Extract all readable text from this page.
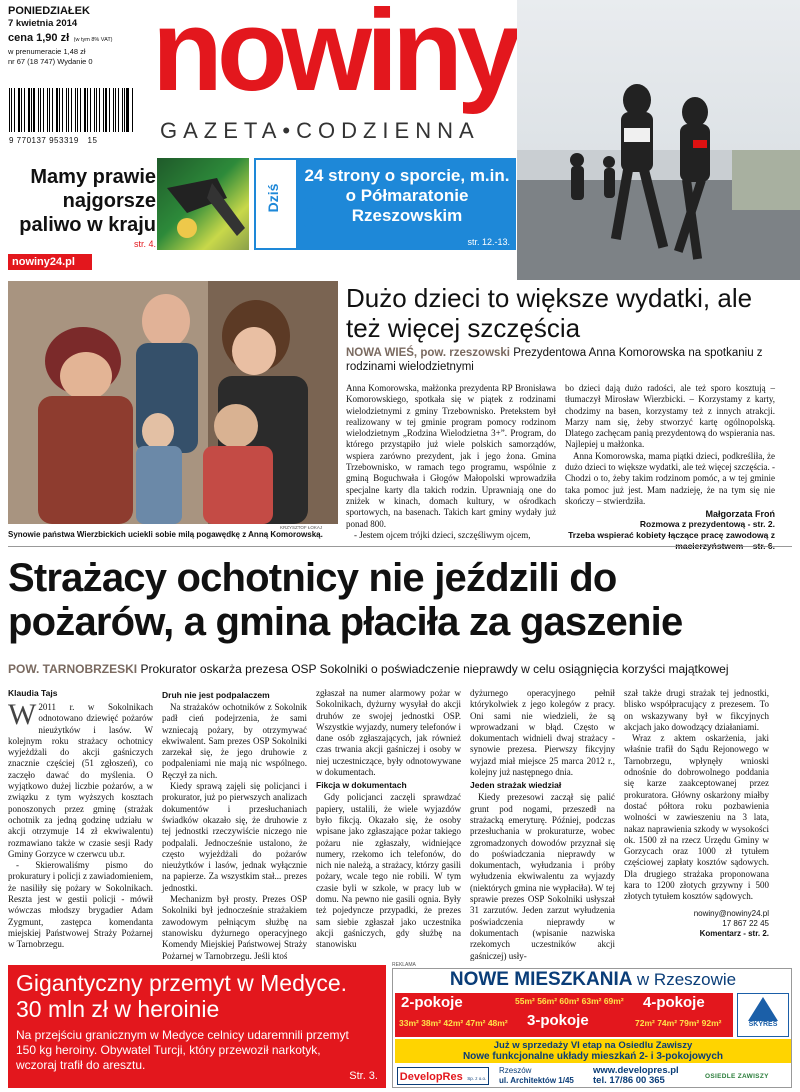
PONIEDZIAŁEK
7 kwietnia 2014
cena 1,90 zł (w tym 8% VAT)
w prenumeracie 1,48 zł
nr 67 (18 747) Wydanie 0
9 770137 953319 15
nowiny
GAZETA•CODZIENNA
Mamy prawie najgorsze paliwo w kraju
str. 4.
Dziś STADION
24 strony o sporcie, m.in. o Półmaratonie Rzeszowskim
str. 12.-13.
nowiny24.pl
KRZYSZTOF ŁOKAJ
Synowie państwa Wierzbickich uciekli sobie milą pogawędkę z Anną Komorowską.
Dużo dzieci to większe wydatki, ale też więcej szczęścia
NOWA WIEŚ, pow. rzeszowski Prezydentowa Anna Komorowska na spotkaniu z rodzinami wielodzietnymi

Anna Komorowska, małżonka prezydenta RP Bronisława Komorowskiego, spotkała się w piątek z rodzinami wielodzietnymi z gminy Trzebownisko. Pretekstem był realizowany w tej gminie program pomocy rodzinom wielodzietnym „Rodzina Wielodzietna 3+”. Program, do którego przystąpiło już wiele polskich samorządów, wspiera zarówno prezydent, jak i jego żona. Gmina Trzebownisko, w ramach tego programu, wspólnie z gminą Boguchwała i Głogów Małopolski wprowadziła specjalne karty dla takich rodzin. Uprawniają one do zniżek w kinach, domach kultury, w ośrodkach sportowych, na basenach. Takich kart gminy wydały już ponad 800.

- Jestem ojcem trójki dzieci, szczęśliwym ojcem,

bo dzieci dają dużo radości, ale też sporo kosztują – tłumaczył Mirosław Wierzbicki. – Korzystamy z karty, chodzimy na basen, korzystamy też z innych atrakcji. Marzy nam się, żeby stworzyć kartę ogólnopolską. Dlatego zachęcam panią prezydentową do wspierania nas. Najlepiej u małżonka.

Anna Komorowska, mama piątki dzieci, podkreśliła, że dużo dzieci to większe wydatki, ale też więcej szczęścia. - Chodzi o to, żeby takim rodzinom pomóc, a w tej gminie taka pomoc już jest. Mam nadzieję, że na tym się nie skończy – stwierdziła.

Małgorzata Froń
Rozmowa z prezydentową - str. 2.
Trzeba wspierać kobiety łączące pracę zawodową z macierzyństwem – str. 6.
Strażacy ochotnicy nie jeździli do pożarów, a gmina płaciła za gaszenie
POW. TARNOBRZESKI Prokurator oskarża prezesa OSP Sokolniki o poświadczenie nieprawdy w celu osiągnięcia korzyści majątkowej
Klaudia Tajs

W 2011 r. w Sokolnikach odnotowano dziewięć pożarów nieużytków i lasów. W kolejnym roku strażacy ochotnicy wyjeżdżali do akcji gaśniczych znacznie częściej (51 zgłoszeń), co zaczęło dawać do myślenia. O wyjątkowo dużej liczbie pożarów, a w związku z tym wyższych kosztach ponoszonych przez gminę (strażak ochotnik za jedną godzinę udziału w akcji otrzymuje 14 zł ekwiwalentu) rozmawiano także w czasie sesji Rady Gminy Gorzyce w czerwcu ub.r.

- Skierowaliśmy pismo do prokuratury i policji z zawiadomieniem, że nasiliły się pożary w Sokolnikach. Reszta jest w gestii policji - mówił wówczas młodszy brygadier Adam Zygmunt, zastępca komendanta miejskiej Państwowej Straży Pożarnej w Tarnobrzegu.

Druh nie jest podpalaczem

Na strażaków ochotników z Sokolnik padł cień podejrzenia, że sami wzniecają pożary, by otrzymywać ekwiwalent. Sam prezes OSP Sokolniki zarzekał się, że jego druhowie z podpaleniami nie mają nic wspólnego. Ręczył za nich.

Kiedy sprawą zajęli się policjanci i prokurator, już po pierwszych analizach dokumentów i przesłuchaniach świadków okazało się, że druhowie z tej jednostki rzeczywiście niczego nie podpalali. Jednocześnie ustalono, że często wyjeżdżali do pożarów nieużytków i lasów, jednak wyłącznie na papierze. Za wszystkim stał... prezes jednostki.

Mechanizm był prosty. Prezes OSP Sokolniki był jednocześnie strażakiem zawodowym pełniącym służbę na stanowisku dyżurnego operacyjnego Komendy Miejskiej Państwowej Straży Pożarnej w Tarnobrzegu. Jeśli ktoś

zgłaszał na numer alarmowy pożar w Sokolnikach, dyżurny wysyłał do akcji druhów ze swojej jednostki OSP. Wszystkie wyjazdy, numery telefonów i dane osób zgłaszających, jak również czas trwania akcji gaśniczej i osoby w niej uczestniczące, były odnotowywane w dokumentach.

Fikcja w dokumentach

Gdy policjanci zaczęli sprawdzać papiery, ustalili, że wiele wyjazdów było fikcją. Okazało się, że osoby wpisane jako zgłaszające pożar takiego pożaru nie zgłaszały, widniejące numery, rzekomo ich telefonów, do nich nie należą, a strażacy, którzy gasili pożary, wcale tego nie robili. W tym czasie byli w szkole, w pracy lub w domu. Na pewno nie gasili ognia. Były też pojedyncze przypadki, że prezes sam siebie zgłaszał jako uczestnika akcji gaśniczych, gdy służbę na stanowisku

dyżurnego operacyjnego pełnił którykolwiek z jego kolegów z pracy. Oni sami nie wiedzieli, że są wprowadzani w błąd. Często w dokumentach widnieli dwaj strażacy - synowie prezesa. Pierwszy fikcyjny wyjazd miał miejsce 25 marca 2012 r., kolejny już następnego dnia.

Jeden strażak wiedział

Kiedy prezesowi zaczął się palić grunt pod nogami, przeszedł na strażacką emeryturę. Później, podczas przesłuchania w prokuraturze, wobec zgromadzonych dowodów przyznał się do poświadczania nieprawdy w dokumentach, wyłudzania i próby wyłudzenia ekwiwalentu za wyjazdy (niektórych gmina nie wypłaciła). W tej sprawie prezes OSP Sokolniki usłyszał 31 zarzutów. Jeden zarzut wyłudzenia poświadczenia nieprawdy w dokumentach (wpisanie nazwiska rzekomych uczestników akcji gaśniczej) usły-

szał także drugi strażak tej jednostki, blisko współpracujący z prezesem. To on wskazywany był w fikcyjnych akcjach jako dowodzący działaniami.

Wraz z aktem oskarżenia, jaki właśnie trafił do Sądu Rejonowego w Tarnobrzegu, wpłynęły wnioski odnośnie do dobrowolnego poddania się karze zaakceptowanej przez prokuratora. Główny oskarżony miałby dostać półtora roku pozbawienia wolności w zawieszeniu na 3 lata, nakaz naprawienia szkody w wysokości ok. 1500 zł na rzecz Urzędu Gminy w Gorzycach oraz 1000 zł tytułem częściowej zapłaty kosztów sądowych. Dla drugiego strażaka proponowana kara to 1200 złotych grzywny i 500 złotych tytułem kosztów sądowych.

nowiny@nowiny24.pl
17 867 22 45
Komentarz - str. 2.
Gigantyczny przemyt w Medyce.
30 mln zł w heroinie
Na przejściu granicznym w Medyce celnicy udaremnili przemyt 150 kg heroiny. Obywatel Turcji, który przewoził narkotyk, wczoraj trafił do aresztu.
Str. 3.
REKLAMA
NOWE MIESZKANIA w Rzeszowie
2-pokoje
33m² 38m² 42m² 47m² 48m²
55m² 56m² 60m² 63m² 69m²
3-pokoje
4-pokoje
72m² 74m² 79m² 92m²	SKYRES
Już w sprzedaży VI etap na Osiedlu Zawiszy
Nowe funkcjonalne układy mieszkań 2- i 3-pokojowych
DevelopRes Sp. z o.o.
Rzeszów
ul. Architektów 1/45
www.developres.pl
tel. 17/86 00 365	OSIEDLE ZAWISZY
